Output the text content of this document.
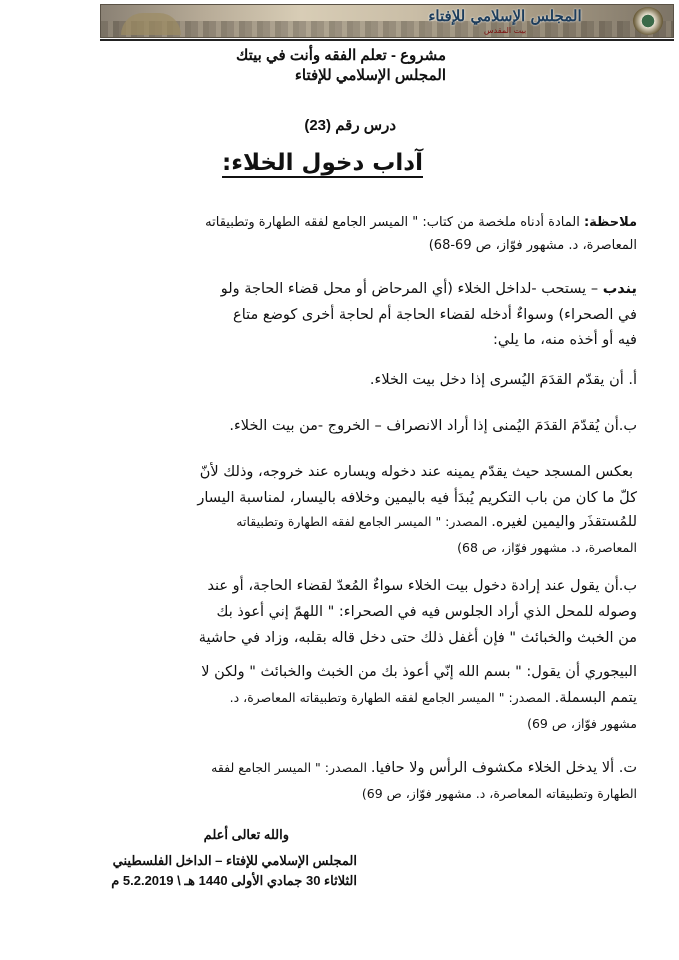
المجلس الإسلامي للإفتاء
بيت المقدس
مشروع - تعلم الفقه وأنت في بيتك
المجلس الإسلامي للإفتاء
درس رقم (23)
آداب دخول الخلاء:
ملاحظة: المادة أدناه ملخصة من كتاب: " الميسر الجامع لفقه الطهارة وتطبيقاته
المعاصرة، د. مشهور فوّاز، ص 69-68)
يندب – يستحب -لداخل الخلاء (أي المرحاض أو محل قضاء الحاجة ولو
في الصحراء) وسواءٌ أدخله لقضاء الحاجة أم لحاجة أخرى كوضع متاع
فيه أو أخذه منه، ما يلي:
أ. أن يقدّم القدَمَ اليُسرى إذا دخل بيت الخلاء.
ب.أن يُقدّمَ القدَمَ اليُمنى إذا أراد الانصراف – الخروج -من بيت الخلاء.
بعكس المسجد حيث يقدّم يمينه عند دخوله ويساره عند خروجه، وذلك لأنّ
كلّ ما كان من باب التكريم يُبدَأ فيه باليمين وخلافه باليسار، لمناسبة اليسار
للمُستقذَر واليمين لغيره. المصدر: " الميسر الجامع لفقه الطهارة وتطبيقاته
المعاصرة، د. مشهور فوّاز، ص 68)
ب.أن يقول عند إرادة دخول بيت الخلاء سواءٌ المُعدّ لقضاء الحاجة، أو عند
وصوله للمحل الذي أراد الجلوس فيه في الصحراء: " اللهمّ إني أعوذ بك
من الخبث والخبائث " فإن أغفل ذلك حتى دخل قاله بقلبه، وزاد في حاشية
البيجوري أن يقول: " بسم الله إنّي أعوذ بك من الخبث والخبائث " ولكن لا
يتمم البسملة. المصدر: " الميسر الجامع لفقه الطهارة وتطبيقاته المعاصرة، د.
مشهور فوّاز، ص 69)
ت. ألا يدخل الخلاء مكشوف الرأس ولا حافيا. المصدر: " الميسر الجامع لفقه
الطهارة وتطبيقاته المعاصرة، د. مشهور فوّاز، ص 69)
والله تعالى أعلم
المجلس الإسلامي للإفتاء – الداخل الفلسطيني
الثلاثاء 30 جمادي الأولى 1440 هـ \ 5.2.2019 م
